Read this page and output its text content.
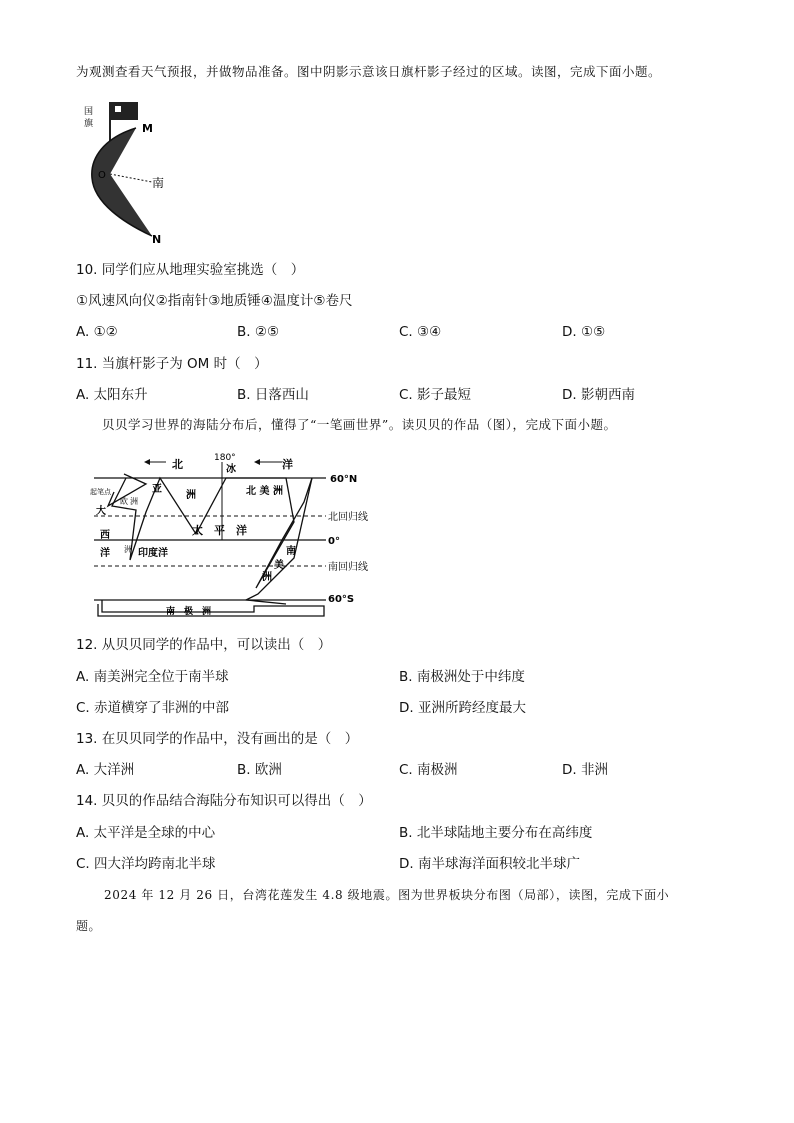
为观测查看天气预报，并做物品准备。图中阴影示意该日旗杆影子经过的区域。读图，完成下面小题。
国
旗	M
O
南
N
10. 同学们应从地理实验室挑选（　）
①风速风向仪②指南针③地质锤④温度计⑤卷尺
A. ①②	B. ②⑤	C. ③④	D. ①⑤
11. 当旗杆影子为 OM 时（　）
A. 太阳东升	B. 日落西山	C. 影子最短	D. 影朝西南
贝贝学习世界的海陆分布后，懂得了“一笔画世界”。读贝贝的作品（图），完成下面小题。
180°
北	冰	洋
60°N
起笔点	亚
洲
欧 洲
北 美 洲
大
西
洋 洲
太　平　洋
印度洋	南
美
洲
北回归线
0°
南回归线
60°S
南　极　洲
12. 从贝贝同学的作品中，可以读出（　）
A. 南美洲完全位于南半球	B. 南极洲处于中纬度
C. 赤道横穿了非洲的中部	D. 亚洲所跨经度最大
13. 在贝贝同学的作品中，没有画出的是（　）
A. 大洋洲	B. 欧洲	C. 南极洲	D. 非洲
14. 贝贝的作品结合海陆分布知识可以得出（　）
A. 太平洋是全球的中心	B. 北半球陆地主要分布在高纬度
C. 四大洋均跨南北半球	D. 南半球海洋面积较北半球广
2024 年 12 月 26 日，台湾花莲发生 4.8 级地震。图为世界板块分布图（局部），读图，完成下面小
题。
